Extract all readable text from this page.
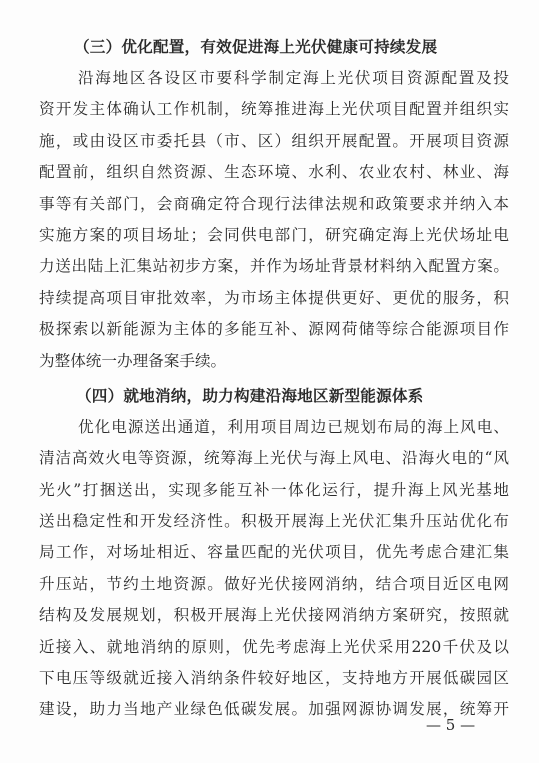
（三）优化配置，有效促进海上光伏健康可持续发展
沿海地区各设区市要科学制定海上光伏项目资源配置及投
资开发主体确认工作机制，统筹推进海上光伏项目配置并组织实
施，或由设区市委托县（市、区）组织开展配置。开展项目资源
配置前，组织自然资源、生态环境、水利、农业农村、林业、海
事等有关部门，会商确定符合现行法律法规和政策要求并纳入本
实施方案的项目场址；会同供电部门，研究确定海上光伏场址电
力送出陆上汇集站初步方案，并作为场址背景材料纳入配置方案。
持续提高项目审批效率，为市场主体提供更好、更优的服务，积
极探索以新能源为主体的多能互补、源网荷储等综合能源项目作
为整体统一办理备案手续。
（四）就地消纳，助力构建沿海地区新型能源体系
优化电源送出通道，利用项目周边已规划布局的海上风电、
清洁高效火电等资源，统筹海上光伏与海上风电、沿海火电的“风
光火”打捆送出，实现多能互补一体化运行，提升海上风光基地
送出稳定性和开发经济性。积极开展海上光伏汇集升压站优化布
局工作，对场址相近、容量匹配的光伏项目，优先考虑合建汇集
升压站，节约土地资源。做好光伏接网消纳，结合项目近区电网
结构及发展规划，积极开展海上光伏接网消纳方案研究，按照就
近接入、就地消纳的原则，优先考虑海上光伏采用220千伏及以
下电压等级就近接入消纳条件较好地区，支持地方开展低碳园区
建设，助力当地产业绿色低碳发展。加强网源协调发展，统筹开
— 5 —
